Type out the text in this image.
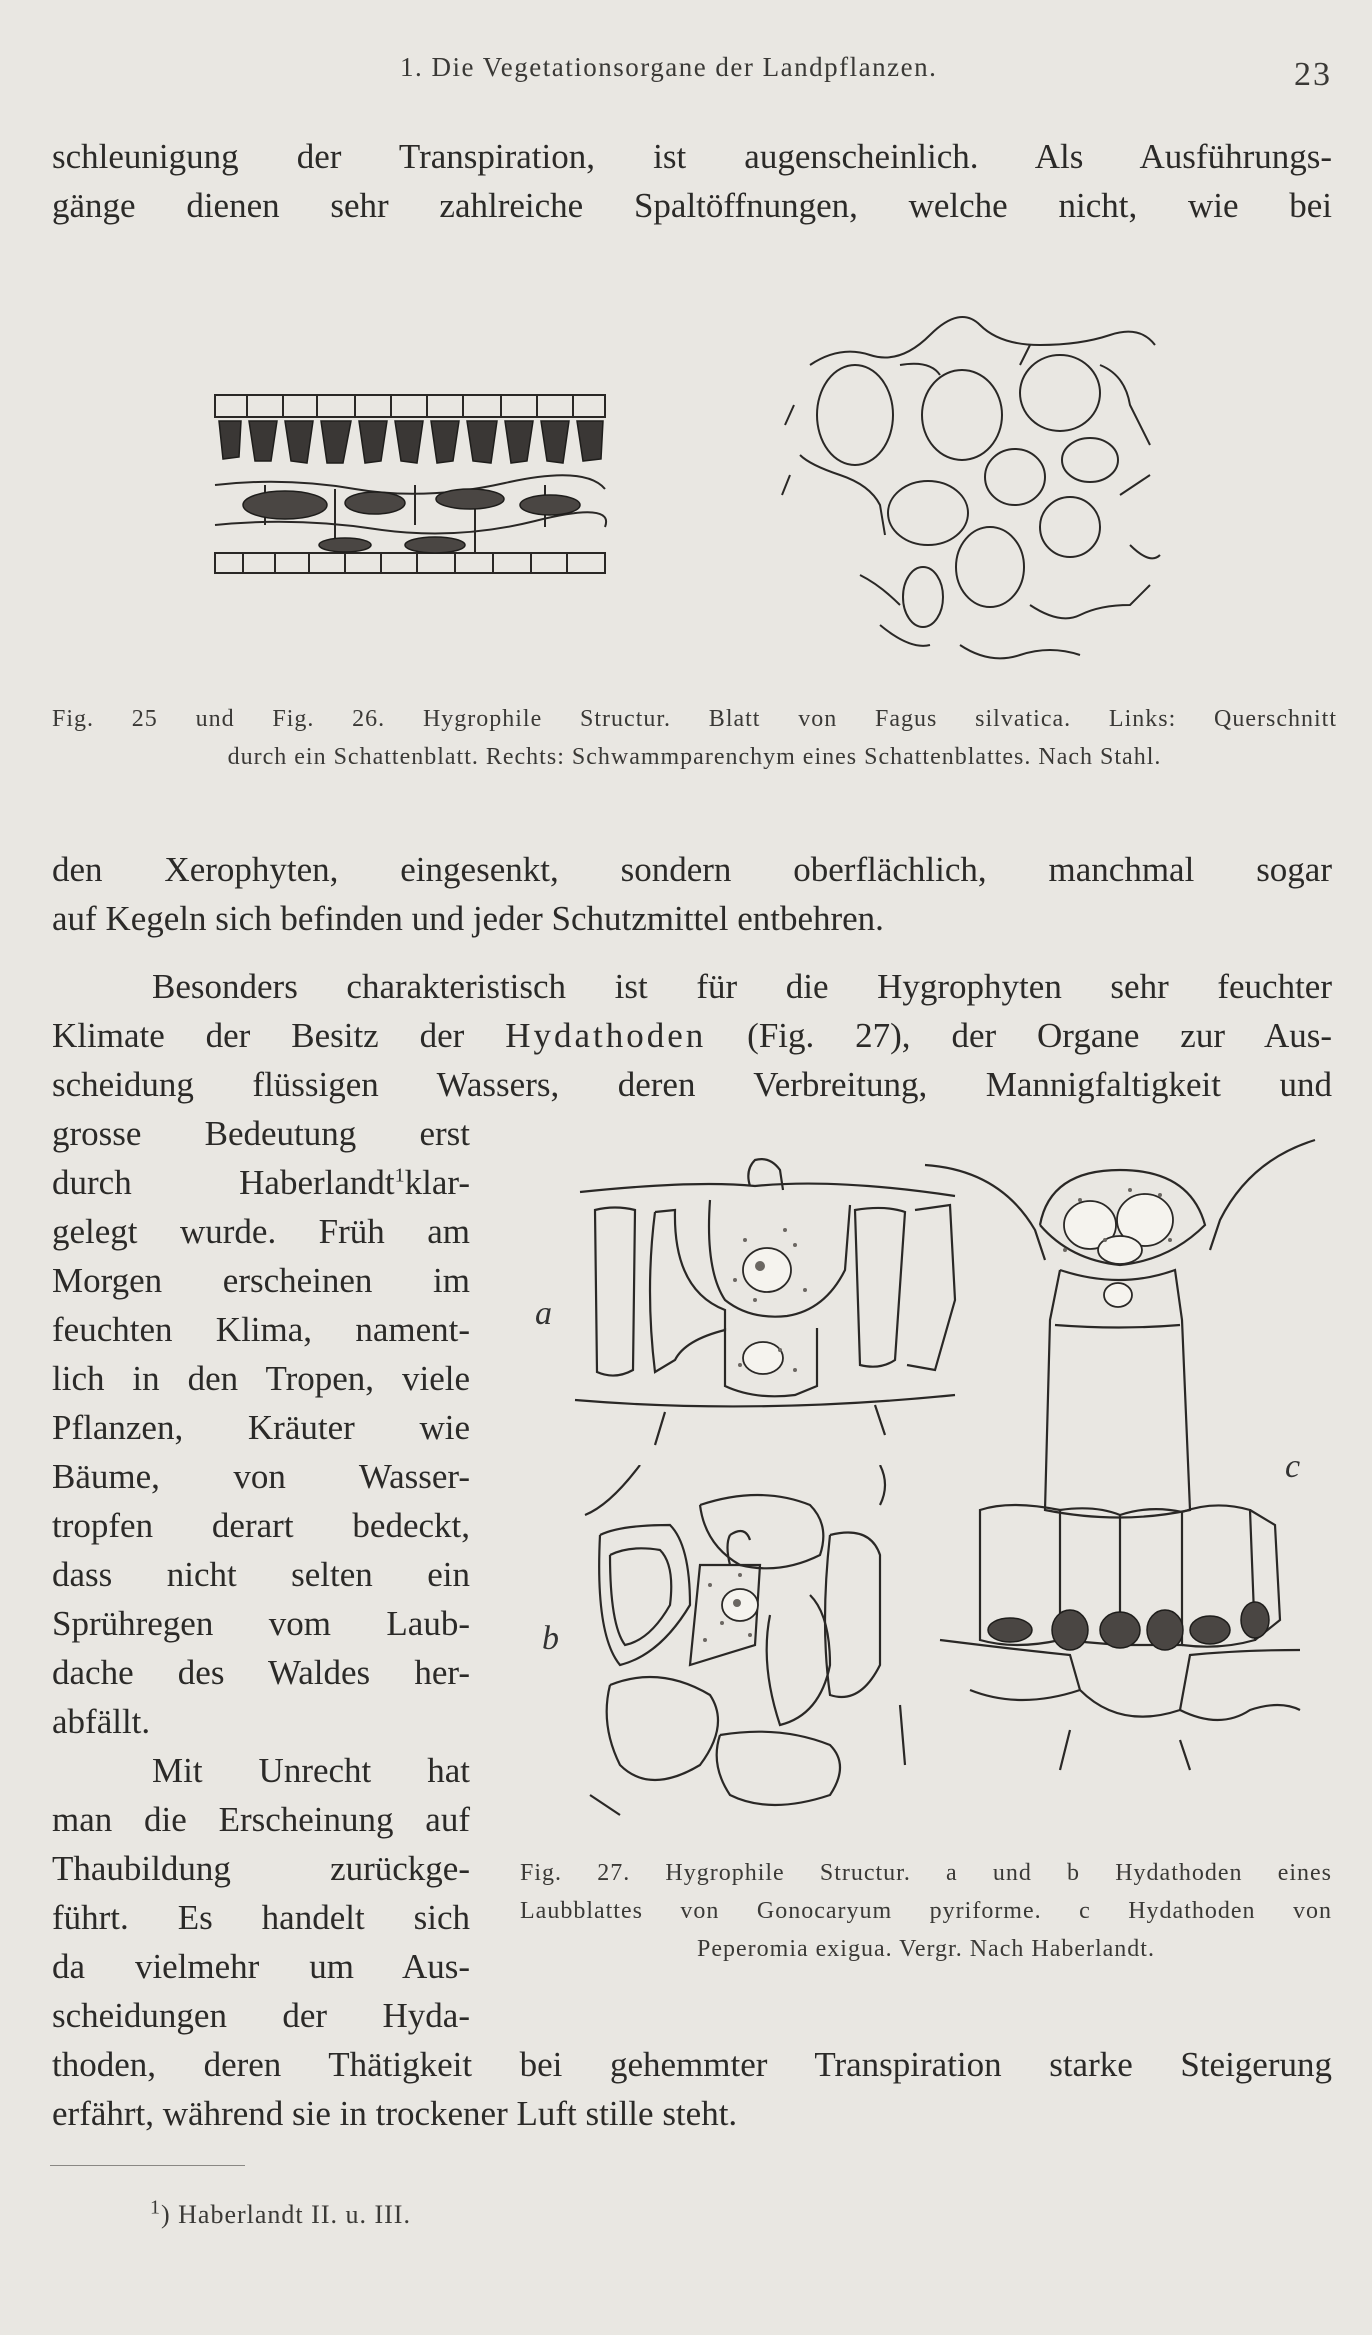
1. Die Vegetationsorgane der Landpflanzen.	23
schleunigung der Transpiration, ist augenscheinlich. Als Ausführungs-
gänge dienen sehr zahlreiche Spaltöffnungen, welche nicht, wie bei
Fig. 25 und Fig. 26. Hygrophile Structur. Blatt von Fagus silvatica. Links: Querschnitt
durch ein Schattenblatt. Rechts: Schwammparenchym eines Schattenblattes. Nach Stahl.
den Xerophyten, eingesenkt, sondern oberflächlich, manchmal sogar
auf Kegeln sich befinden und jeder Schutzmittel entbehren.
Besonders charakteristisch ist für die Hygrophyten sehr feuchter
Klimate der Besitz der Hydathoden (Fig. 27), der Organe zur Aus-
scheidung flüssigen Wassers, deren Verbreitung, Mannigfaltigkeit und
grosse Bedeutung erst
durch Haberlandt$^1$klar-
gelegt wurde. Früh am
Morgen erscheinen im
feuchten Klima, nament-
lich in den Tropen, viele
Pflanzen, Kräuter wie
Bäume, von Wasser-
tropfen derart bedeckt,
dass nicht selten ein
Sprühregen vom Laub-
dache des Waldes her-
abfällt.
Mit Unrecht hat
man die Erscheinung auf
Thaubildung zurückge-
führt. Es handelt sich
da vielmehr um Aus-
scheidungen der Hyda-
a
b
c
Fig. 27. Hygrophile Structur. a und b Hydathoden eines
Laubblattes von Gonocaryum pyriforme. c Hydathoden von
Peperomia exigua. Vergr. Nach Haberlandt.
thoden, deren Thätigkeit bei gehemmter Transpiration starke Steigerung
erfährt, während sie in trockener Luft stille steht.
$^1$) Haberlandt II. u. III.
